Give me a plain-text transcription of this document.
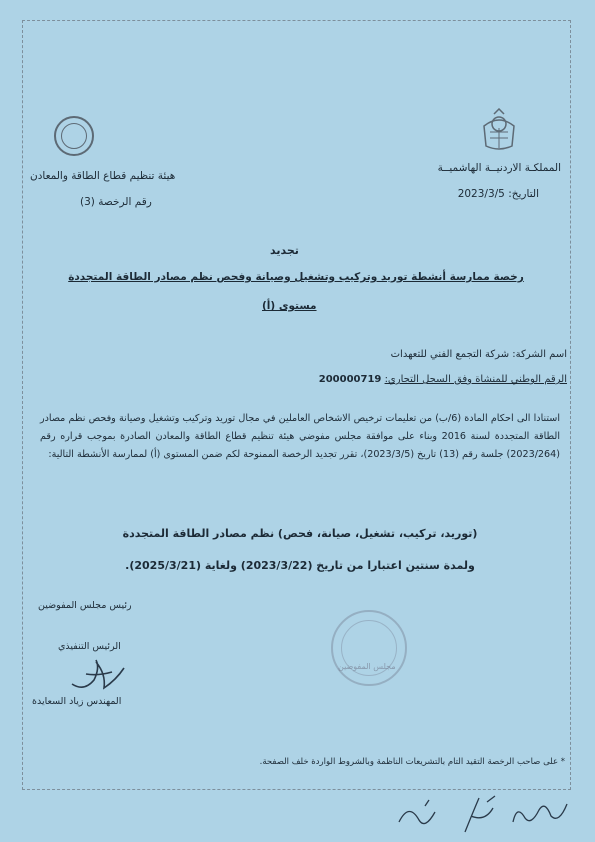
المملكـة الاردنيــة الهاشميــة
التاريخ: 2023/3/5
هيئة تنظيم قطاع الطاقة والمعادن
رقم الرخصة (3)
تجديد
رخصة ممارسة أنشطة توريد وتركيب وتشغيل وصيانة وفحص نظم مصادر الطاقة المتجددة
مستوى (أ)
اسم الشركة: شركة التجمع الفني للتعهدات
الرقم الوطني للمنشاة وفق السجل التجاري: 200000719
استنادا الى احكام المادة (6/ب) من تعليمات ترخيص الاشخاص العاملين في مجال توريد وتركيب وتشغيل وصيانة وفحص نظم مصادر الطاقة المتجددة لسنة 2016 وبناء على موافقة مجلس مفوضي هيئة تنظيم قطاع الطاقة والمعادن الصادرة بموجب قراره رقم (2023/264) جلسة رقم (13) تاريخ (2023/3/5)، تقرر تجديد الرخصة الممنوحة لكم ضمن المستوى (أ) لممارسة الأنشطة التالية:
(توريد، تركيب، تشغيل، صيانة، فحص) نظم مصادر الطاقة المتجددة
ولمدة سنتين اعتبارا من تاريخ (2023/3/22) ولغاية (2025/3/21).
رئيس مجلس المفوضين
الرئيس التنفيذي
المهندس زياد السعايدة
مجلس المفوضين
* على صاحب الرخصة التقيد التام بالتشريعات الناظمة وبالشروط الواردة خلف الصفحة.
